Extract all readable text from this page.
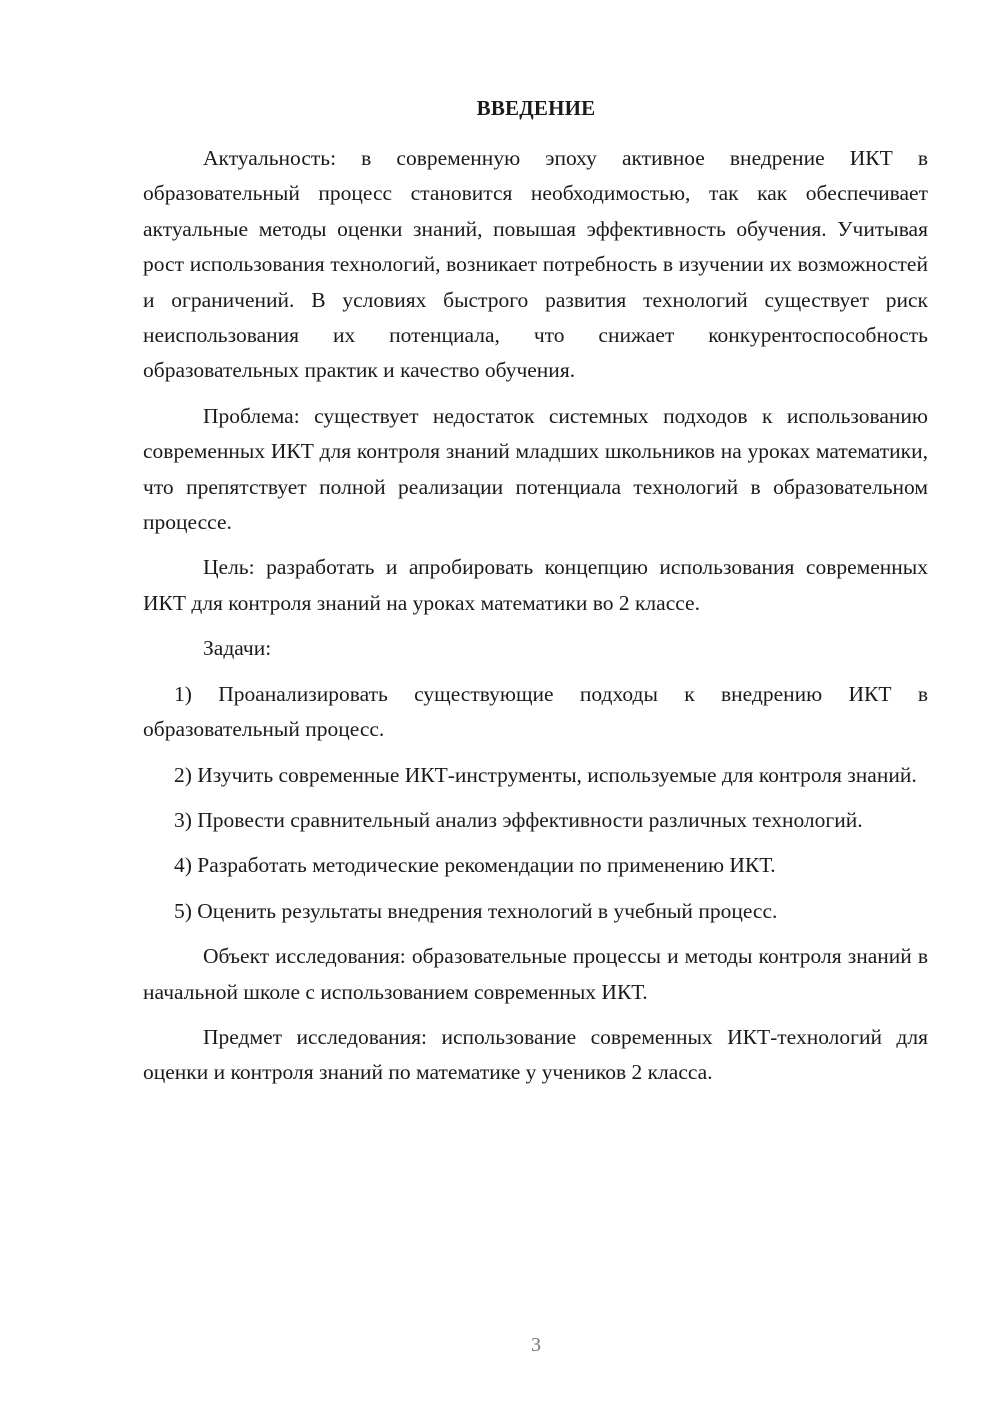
ВВЕДЕНИЕ

Актуальность: в современную эпоху активное внедрение ИКТ в образовательный процесс становится необходимостью, так как обеспечивает актуальные методы оценки знаний, повышая эффективность обучения. Учитывая рост использования технологий, возникает потребность в изучении их возможностей и ограничений. В условиях быстрого развития технологий существует риск неиспользования их потенциала, что снижает конкурентоспособность образовательных практик и качество обучения.

Проблема: существует недостаток системных подходов к использованию современных ИКТ для контроля знаний младших школьников на уроках математики, что препятствует полной реализации потенциала технологий в образовательном процессе.

Цель: разработать и апробировать концепцию использования современных ИКТ для контроля знаний на уроках математики во 2 классе.

Задачи:

1) Проанализировать существующие подходы к внедрению ИКТ в образовательный процесс.

2) Изучить современные ИКТ-инструменты, используемые для контроля знаний.

3) Провести сравнительный анализ эффективности различных технологий.

4) Разработать методические рекомендации по применению ИКТ.

5) Оценить результаты внедрения технологий в учебный процесс.

Объект исследования: образовательные процессы и методы контроля знаний в начальной школе с использованием современных ИКТ.

Предмет исследования: использование современных ИКТ-технологий для оценки и контроля знаний по математике у учеников 2 класса.

3
